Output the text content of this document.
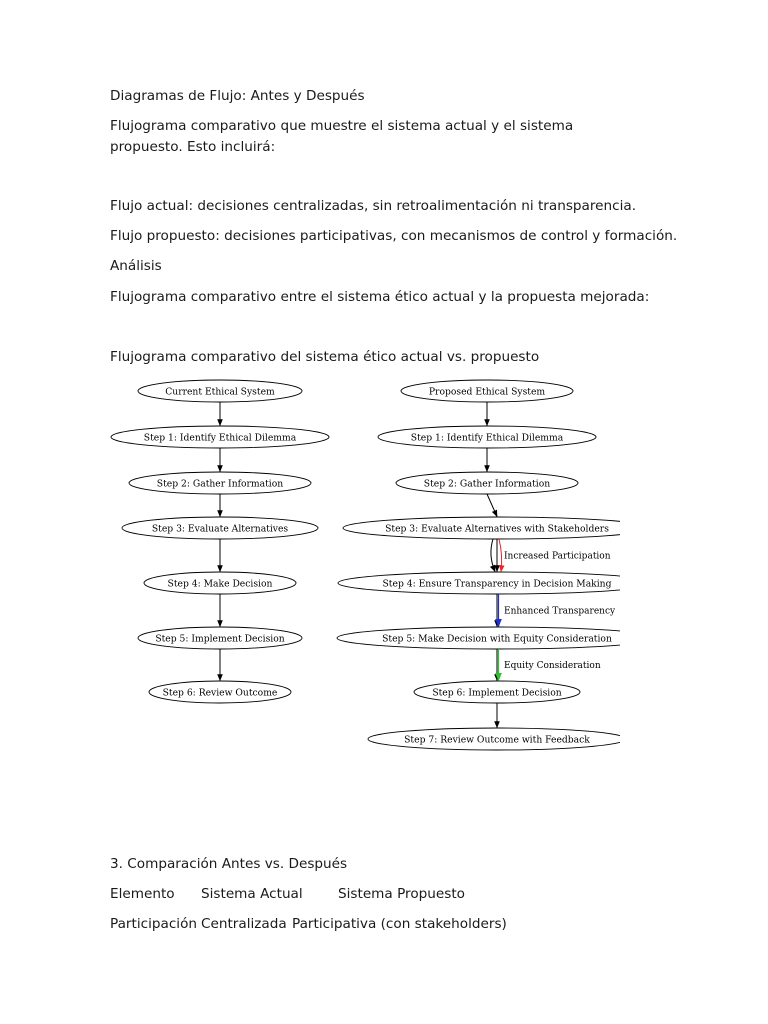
Diagramas de Flujo: Antes y Después

Flujograma comparativo que muestre el sistema actual y el sistema propuesto. Esto incluirá:

Flujo actual: decisiones centralizadas, sin retroalimentación ni transparencia.

Flujo propuesto: decisiones participativas, con mecanismos de control y formación.

Análisis

Flujograma comparativo entre el sistema ético actual y la propuesta mejorada:

Flujograma comparativo del sistema ético actual vs. propuesto

Current Ethical System
Step 1: Identify Ethical Dilemma
Step 2: Gather Information
Step 3: Evaluate Alternatives
Step 4: Make Decision
Step 5: Implement Decision
Step 6: Review Outcome
Proposed Ethical System
Step 1: Identify Ethical Dilemma
Step 2: Gather Information
Step 3: Evaluate Alternatives with Stakeholders
Step 4: Ensure Transparency in Decision Making
Step 5: Make Decision with Equity Consideration
Step 6: Implement Decision
Step 7: Review Outcome with Feedback
Increased Participation
Enhanced Transparency
Equity Consideration

3. Comparación Antes vs. Después

Elemento Sistema Actual	Sistema Propuesto
Participación Centralizada Participativa (con stakeholders)
